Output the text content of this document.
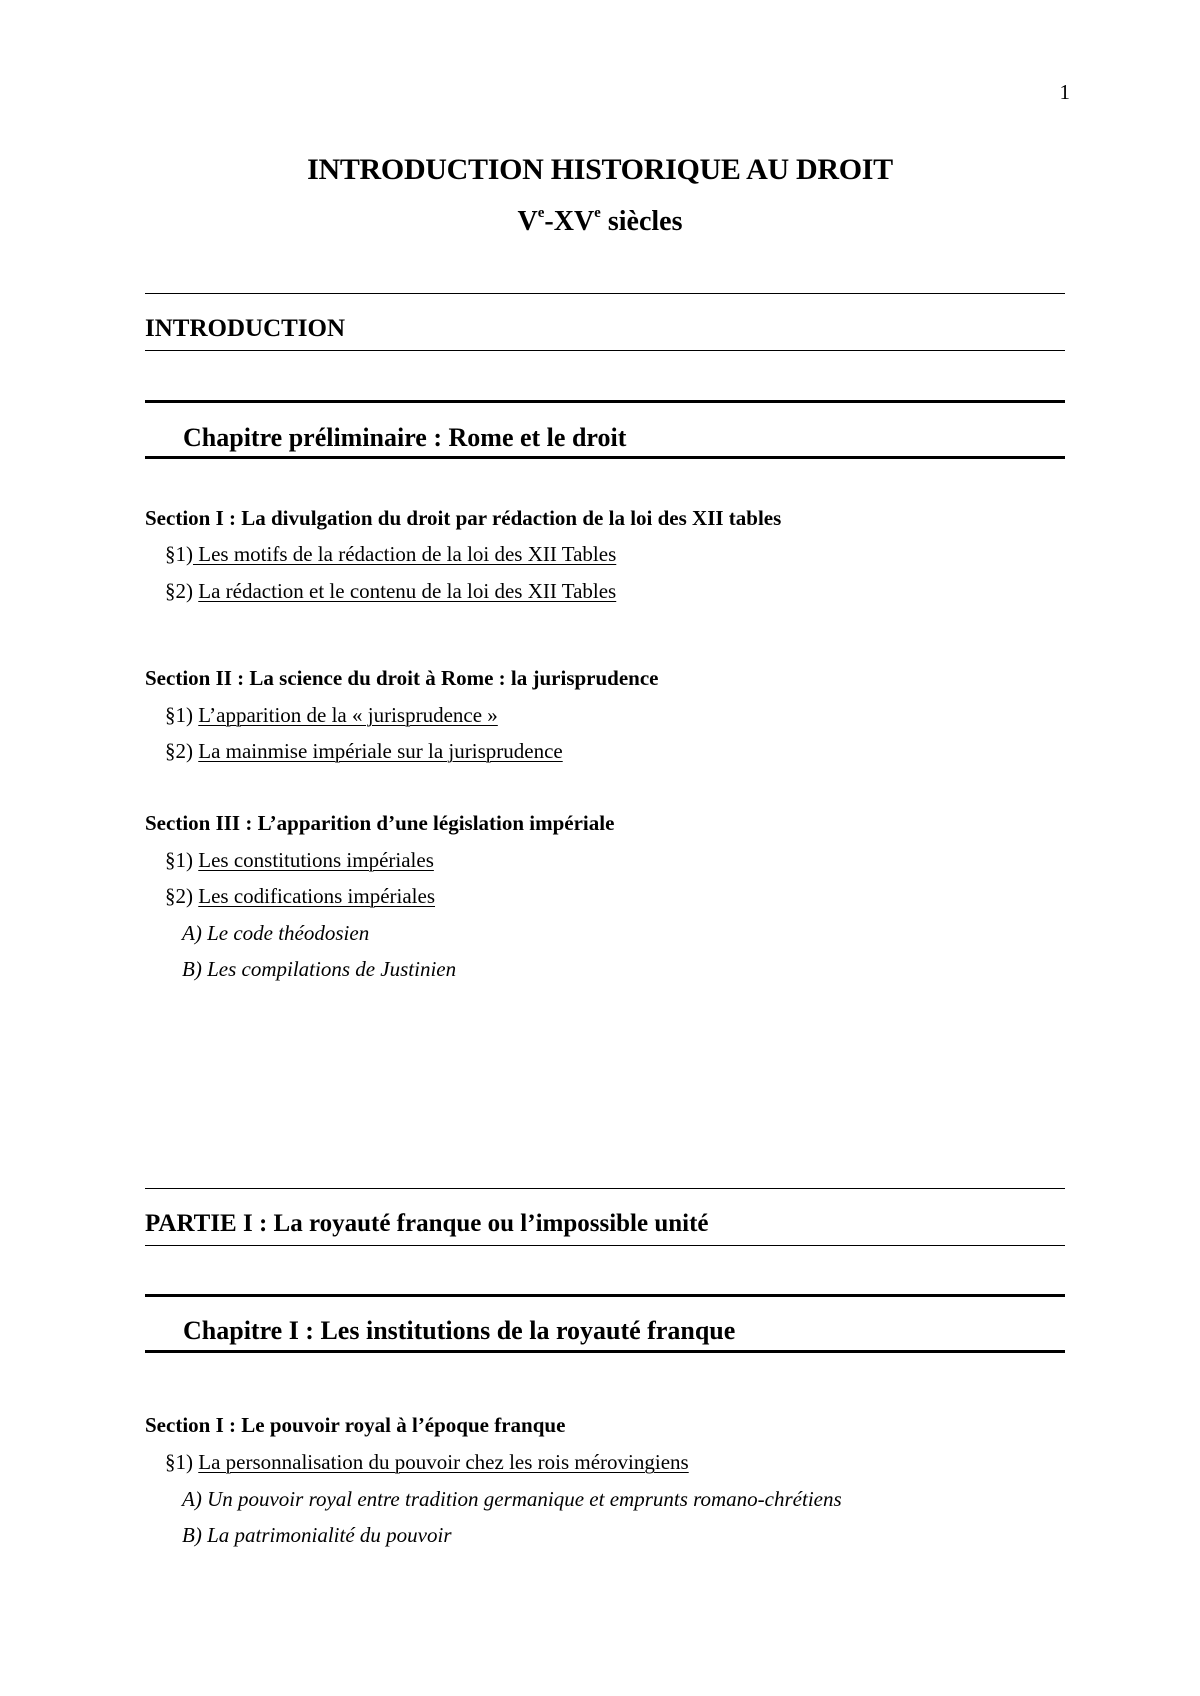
1
INTRODUCTION HISTORIQUE AU DROIT
Ve-XVe siècles
INTRODUCTION
Chapitre préliminaire : Rome et le droit
Section I : La divulgation du droit par rédaction de la loi des XII tables
§1) Les motifs de la rédaction de la loi des XII Tables
§2) La rédaction et le contenu de la loi des XII Tables
Section II : La science du droit à Rome : la jurisprudence
§1) L’apparition de la « jurisprudence »
§2) La mainmise impériale sur la jurisprudence
Section III : L’apparition d’une législation impériale
§1) Les constitutions impériales
§2) Les codifications impériales
A) Le code théodosien
B) Les compilations de Justinien
PARTIE I : La royauté franque ou l’impossible unité
Chapitre I : Les institutions de la royauté franque
Section I : Le pouvoir royal à l’époque franque
§1) La personnalisation du pouvoir chez les rois mérovingiens
A) Un pouvoir royal entre tradition germanique et emprunts romano-chrétiens
B) La patrimonialité du pouvoir
